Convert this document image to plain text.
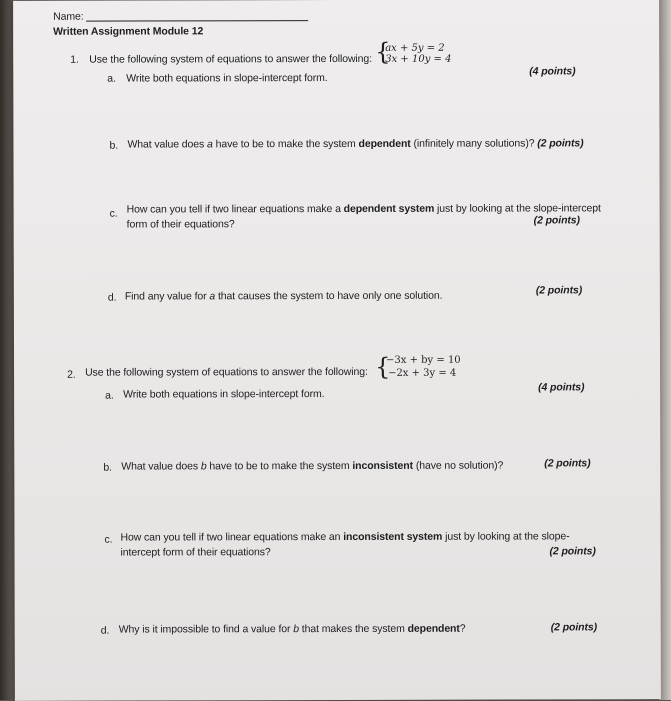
Name:
Written Assignment Module 12
1. Use the following system of equations to answer the following: {
ax + 5y = 2
3x + 10y = 4
a. Write both equations in slope-intercept form.
(4 points)
b. What value does a have to be to make the system dependent (infinitely many solutions)? (2 points)
c. How can you tell if two linear equations make a dependent system just by looking at the slope-intercept
form of their equations?	(2 points)
d. Find any value for a that causes the system to have only one solution.	(2 points)
2. Use the following system of equations to answer the following: {
−3x + by = 10
−2x + 3y = 4
a. Write both equations in slope-intercept form.
(4 points)
b. What value does b have to be to make the system inconsistent (have no solution)?	(2 points)
c. How can you tell if two linear equations make an inconsistent system just by looking at the slope-
intercept form of their equations?	(2 points)
d. Why is it impossible to find a value for b that makes the system dependent?	(2 points)
